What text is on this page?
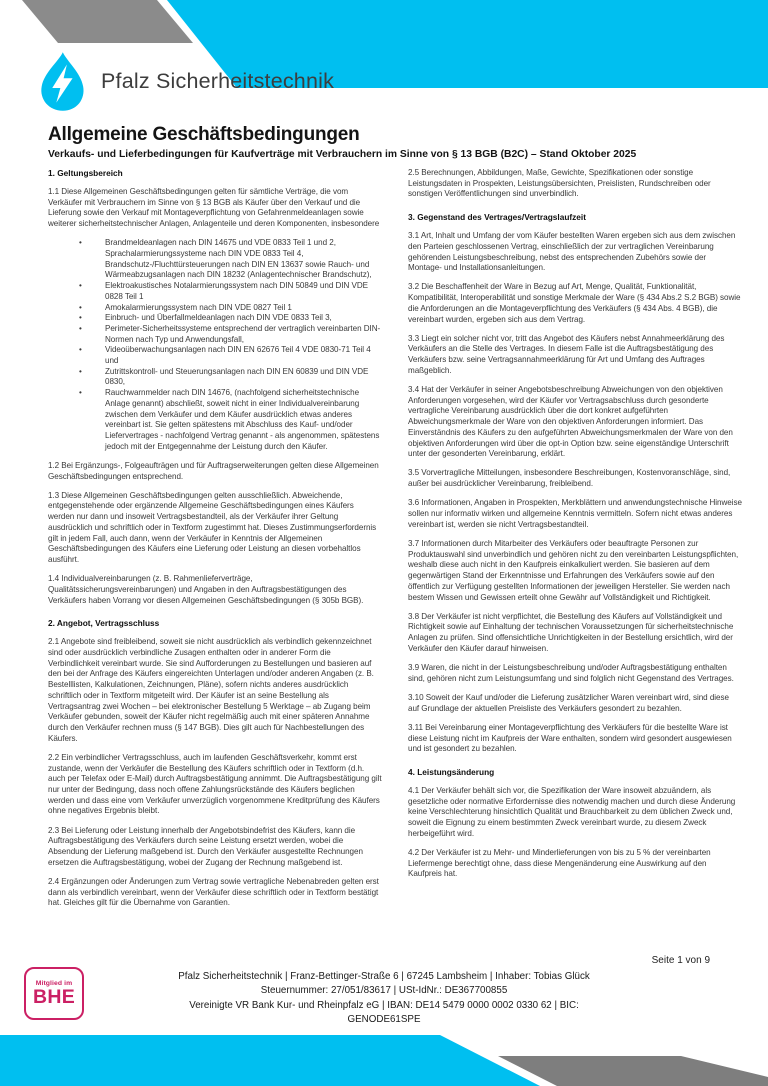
Pfalz Sicherheitstechnik
Allgemeine Geschäftsbedingungen
Verkaufs- und Lieferbedingungen für Kaufverträge mit Verbrauchern im Sinne von § 13 BGB (B2C) – Stand Oktober 2025
1. Geltungsbereich
1.1 Diese Allgemeinen Geschäftsbedingungen gelten für sämtliche Verträge, die vom Verkäufer mit Verbrauchern im Sinne von § 13 BGB als Käufer über den Verkauf und die Lieferung sowie den Verkauf mit Montageverpflichtung von Gefahrenmeldeanlagen sowie weiterer sicherheitstechnischer Anlagen, Anlagenteile und deren Komponenten, insbesondere
• Brandmeldeanlagen nach DIN 14675 und VDE 0833 Teil 1 und 2, Sprachalarmierungssysteme nach DIN VDE 0833 Teil 4, Brandschutz-/Fluchttürsteuerungen nach DIN EN 13637 sowie Rauch- und Wärmeabzugsanlagen nach DIN 18232 (Anlagentechnischer Brandschutz),
• Elektroakustisches Notalarmierungssystem nach DIN 50849 und DIN VDE 0828 Teil 1
• Amokalarmierungssystem nach DIN VDE 0827 Teil 1
• Einbruch- und Überfallmeldeanlagen nach DIN VDE 0833 Teil 3,
• Perimeter-Sicherheitssysteme entsprechend der vertraglich vereinbarten DIN-Normen nach Typ und Anwendungsfall,
• Videoüberwachungsanlagen nach DIN EN 62676 Teil 4 VDE 0830-71 Teil 4 und
• Zutrittskontroll- und Steuerungsanlagen nach DIN EN 60839 und DIN VDE 0830,
• Rauchwarnmelder nach DIN 14676, (nachfolgend sicherheitstechnische Anlage genannt) abschließt, soweit nicht in einer Individualvereinbarung zwischen dem Verkäufer und dem Käufer ausdrücklich etwas anderes vereinbart ist. Sie gelten spätestens mit Abschluss des Kauf- und/oder Liefervertrages - nachfolgend Vertrag genannt - als angenommen, spätestens jedoch mit der Entgegennahme der Leistung durch den Käufer.
1.2 Bei Ergänzungs-, Folgeaufträgen und für Auftragserweiterungen gelten diese Allgemeinen Geschäftsbedingungen entsprechend.
1.3 Diese Allgemeinen Geschäftsbedingungen gelten ausschließlich. Abweichende, entgegenstehende oder ergänzende Allgemeine Geschäftsbedingungen eines Käufers werden nur dann und insoweit Vertragsbestandteil, als der Verkäufer ihrer Geltung ausdrücklich und schriftlich oder in Textform zugestimmt hat. Dieses Zustimmungserfordernis gilt in jedem Fall, auch dann, wenn der Verkäufer in Kenntnis der Allgemeinen Geschäftsbedingungen des Käufers eine Lieferung oder Leistung an diesen vorbehaltlos ausführt.
1.4 Individualvereinbarungen (z. B. Rahmenlieferverträge, Qualitätssicherungsvereinbarungen) und Angaben in den Auftragsbestätigungen des Verkäufers haben Vorrang vor diesen Allgemeinen Geschäftsbedingungen (§ 305b BGB).
2. Angebot, Vertragsschluss
2.1 Angebote sind freibleibend, soweit sie nicht ausdrücklich als verbindlich gekennzeichnet sind oder ausdrücklich verbindliche Zusagen enthalten oder in anderer Form die Verbindlichkeit vereinbart wurde. Sie sind Aufforderungen zu Bestellungen und basieren auf den bei der Anfrage des Käufers eingereichten Unterlagen und/oder anderen Angaben (z. B. Bestelllisten, Kalkulationen, Zeichnungen, Pläne), sofern nichts anderes ausdrücklich schriftlich oder in Textform mitgeteilt wird. Der Käufer ist an seine Bestellung als Vertragsantrag zwei Wochen – bei elektronischer Bestellung 5 Werktage – ab Zugang beim Verkäufer gebunden, soweit der Käufer nicht regelmäßig auch mit einer späteren Annahme durch den Verkäufer rechnen muss (§ 147 BGB). Dies gilt auch für Nachbestellungen des Käufers.
2.2 Ein verbindlicher Vertragsschluss, auch im laufenden Geschäftsverkehr, kommt erst zustande, wenn der Verkäufer die Bestellung des Käufers schriftlich oder in Textform (d.h. auch per Telefax oder E-Mail) durch Auftragsbestätigung annimmt. Die Auftragsbestätigung gilt nur unter der Bedingung, dass noch offene Zahlungsrückstände des Käufers beglichen werden und dass eine vom Verkäufer unverzüglich vorgenommene Kreditprüfung des Käufers ohne negatives Ergebnis bleibt.
2.3 Bei Lieferung oder Leistung innerhalb der Angebotsbindefrist des Käufers, kann die Auftragsbestätigung des Verkäufers durch seine Leistung ersetzt werden, wobei die Absendung der Lieferung maßgebend ist. Durch den Verkäufer ausgestellte Rechnungen ersetzen die Auftragsbestätigung, wobei der Zugang der Rechnung maßgebend ist.
2.4 Ergänzungen oder Änderungen zum Vertrag sowie vertragliche Nebenabreden gelten erst dann als verbindlich vereinbart, wenn der Verkäufer diese schriftlich oder in Textform bestätigt hat. Gleiches gilt für die Übernahme von Garantien.
2.5 Berechnungen, Abbildungen, Maße, Gewichte, Spezifikationen oder sonstige Leistungsdaten in Prospekten, Leistungsübersichten, Preislisten, Rundschreiben oder sonstigen Veröffentlichungen sind unverbindlich.
3. Gegenstand des Vertrages/Vertragslaufzeit
3.1 Art, Inhalt und Umfang der vom Käufer bestellten Waren ergeben sich aus dem zwischen den Parteien geschlossenen Vertrag, einschließlich der zur vertraglichen Vereinbarung gehörenden Leistungsbeschreibung, nebst des entsprechenden Zubehörs sowie der Montage- und Installationsanleitungen.
3.2 Die Beschaffenheit der Ware in Bezug auf Art, Menge, Qualität, Funktionalität, Kompatibilität, Interoperabilität und sonstige Merkmale der Ware (§ 434 Abs.2 S.2 BGB) sowie die Anforderungen an die Montageverpflichtung des Verkäufers (§ 434 Abs. 4 BGB), die vereinbart wurden, ergeben sich aus dem Vertrag.
3.3 Liegt ein solcher nicht vor, tritt das Angebot des Käufers nebst Annahmeerklärung des Verkäufers an die Stelle des Vertrages. In diesem Falle ist die Auftragsbestätigung des Verkäufers bzw. seine Vertragsannahmeerklärung für Art und Umfang des Auftrages maßgeblich.
3.4 Hat der Verkäufer in seiner Angebotsbeschreibung Abweichungen von den objektiven Anforderungen vorgesehen, wird der Käufer vor Vertragsabschluss durch gesonderte vertragliche Vereinbarung ausdrücklich über die dort konkret aufgeführten Abweichungsmerkmale der Ware von den objektiven Anforderungen informiert. Das Einverständnis des Käufers zu den aufgeführten Abweichungsmerkmalen der Ware von den objektiven Anforderungen wird über die opt-in Option bzw. seine eigenständige Unterschrift unter der gesonderten Vereinbarung, erklärt.
3.5 Vorvertragliche Mitteilungen, insbesondere Beschreibungen, Kostenvoranschläge, sind, außer bei ausdrücklicher Vereinbarung, freibleibend.
3.6 Informationen, Angaben in Prospekten, Merkblättern und anwendungstechnische Hinweise sollen nur informativ wirken und allgemeine Kenntnis vermitteln. Sofern nicht etwas anderes vereinbart ist, werden sie nicht Vertragsbestandteil.
3.7 Informationen durch Mitarbeiter des Verkäufers oder beauftragte Personen zur Produktauswahl sind unverbindlich und gehören nicht zu den vereinbarten Leistungspflichten, weshalb diese auch nicht in den Kaufpreis einkalkuliert werden. Sie basieren auf dem gegenwärtigen Stand der Erkenntnisse und Erfahrungen des Verkäufers sowie auf den öffentlich zur Verfügung gestellten Informationen der jeweiligen Hersteller. Sie werden nach bestem Wissen und Gewissen erteilt ohne Gewähr auf Vollständigkeit und Richtigkeit.
3.8 Der Verkäufer ist nicht verpflichtet, die Bestellung des Käufers auf Vollständigkeit und Richtigkeit sowie auf Einhaltung der technischen Voraussetzungen für sicherheitstechnische Anlagen zu prüfen. Sind offensichtliche Unrichtigkeiten in der Bestellung ersichtlich, wird der Verkäufer den Käufer darauf hinweisen.
3.9 Waren, die nicht in der Leistungsbeschreibung und/oder Auftragsbestätigung enthalten sind, gehören nicht zum Leistungsumfang und sind folglich nicht Gegenstand des Vertrages.
3.10 Soweit der Kauf und/oder die Lieferung zusätzlicher Waren vereinbart wird, sind diese auf Grundlage der aktuellen Preisliste des Verkäufers gesondert zu bezahlen.
3.11 Bei Vereinbarung einer Montageverpflichtung des Verkäufers für die bestellte Ware ist diese Leistung nicht im Kaufpreis der Ware enthalten, sondern wird gesondert ausgewiesen und ist gesondert zu bezahlen.
4. Leistungsänderung
4.1 Der Verkäufer behält sich vor, die Spezifikation der Ware insoweit abzuändern, als gesetzliche oder normative Erfordernisse dies notwendig machen und durch diese Änderung keine Verschlechterung hinsichtlich Qualität und Brauchbarkeit zu dem üblichen Zweck und, soweit die Eignung zu einem bestimmten Zweck vereinbart wurde, zu diesem Zweck herbeigeführt wird.
4.2 Der Verkäufer ist zu Mehr- und Minderlieferungen von bis zu 5 % der vereinbarten Liefermenge berechtigt ohne, dass diese Mengenänderung eine Auswirkung auf den Kaufpreis hat.
Seite 1 von 9
Mitglied im
BHE
Pfalz Sicherheitstechnik | Franz-Bettinger-Straße 6 | 67245 Lambsheim | Inhaber: Tobias Glück
Steuernummer: 27/051/83617 | USt-IdNr.: DE367700855
Vereinigte VR Bank Kur- und Rheinpfalz eG | IBAN: DE14 5479 0000 0002 0330 62 | BIC:
GENODE61SPE
